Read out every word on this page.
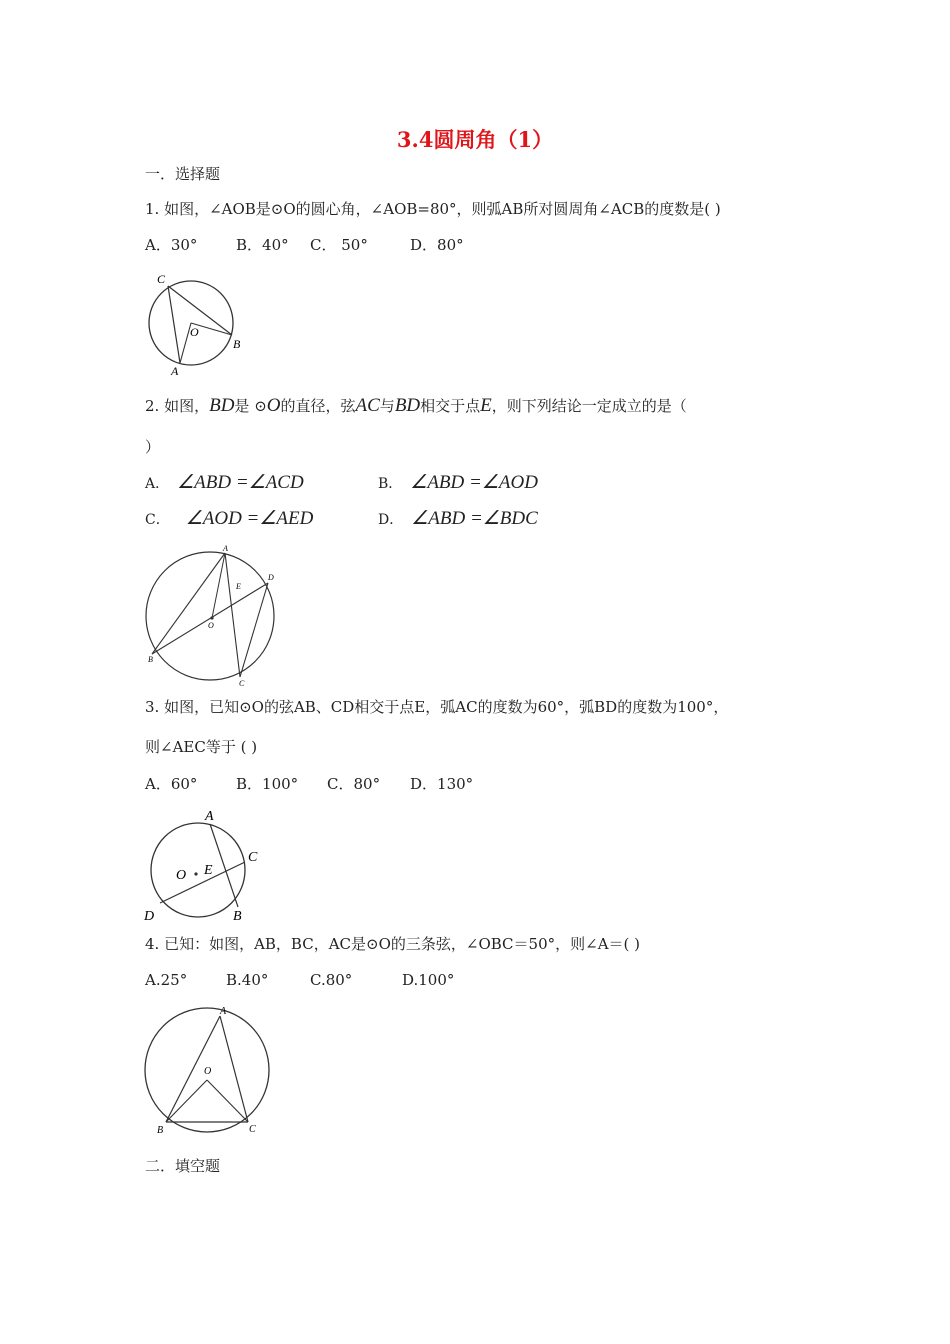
3.4圆周角（1）
一．选择题
1. 如图，∠AOB是⊙O的圆心角，∠AOB=80°，则弧AB所对圆周角∠ACB的度数是( )
A．30°	B．40° C． 50°	D．80°
C
O
B
A
2. 如图，BD是 ⊙O的直径，弦AC与BD相交于点E，则下列结论一定成立的是（
）
A． ∠ABD =∠ACD	B． ∠ABD =∠AOD
C． ∠AOD =∠AED	D． ∠ABD =∠BDC
A
E
D
O
B
C
3. 如图，已知⊙O的弦AB、CD相交于点E，弧AC的度数为60°，弧BD的度数为100°，
则∠AEC等于 ( )
A．60°	B．100° C．80° D．130°
A
C
O E
D	B
4. 已知：如图，AB，BC，AC是⊙O的三条弦，∠OBC＝50°，则∠A＝( )
A.25°	B.40°	C.80°	D.100°
A
O
B	C
二．填空题
